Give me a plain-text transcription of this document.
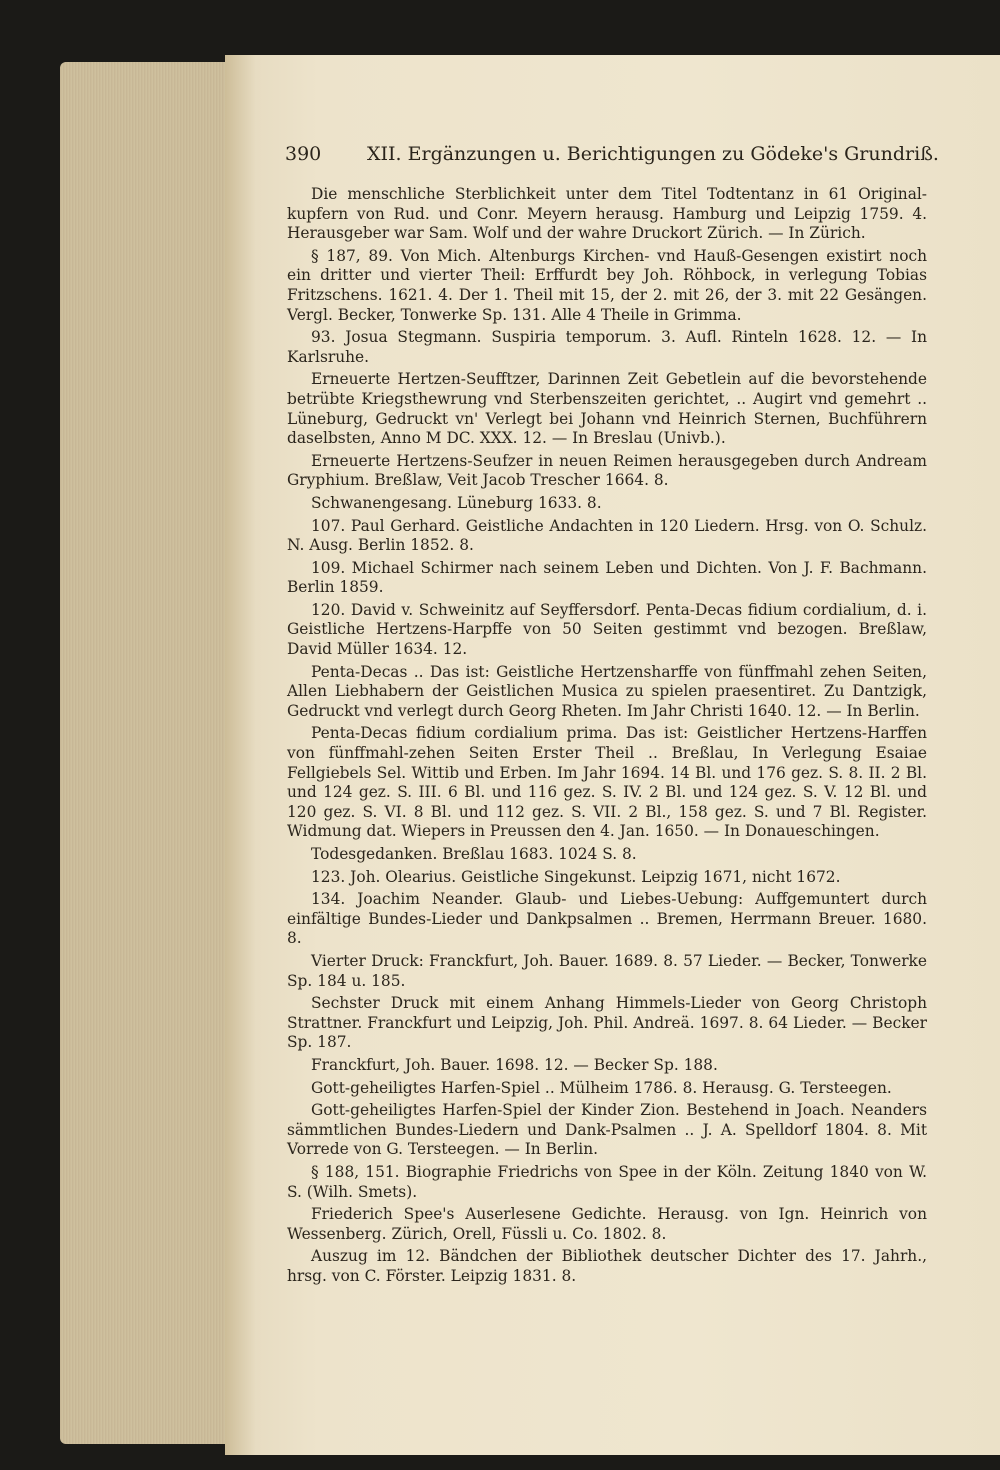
390 XII. Ergänzungen u. Berichtigungen zu Gödeke's Grundriß.

Die menschliche Sterblichkeit unter dem Titel Todtentanz in 61 Original-kupfern von Rud. und Conr. Meyern herausg. Hamburg und Leipzig 1759. 4. Herausgeber war Sam. Wolf und der wahre Druckort Zürich. — In Zürich.

§ 187, 89. Von Mich. Altenburgs Kirchen- vnd Hauß-Gesengen existirt noch ein dritter und vierter Theil: Erffurdt bey Joh. Röhbock, in verlegung Tobias Fritzschens. 1621. 4. Der 1. Theil mit 15, der 2. mit 26, der 3. mit 22 Gesängen. Vergl. Becker, Tonwerke Sp. 131. Alle 4 Theile in Grimma.

93. Josua Stegmann. Suspiria temporum. 3. Aufl. Rinteln 1628. 12. — In Karlsruhe.

Erneuerte Hertzen-Seufftzer, Darinnen Zeit Gebetlein auf die bevorstehende betrübte Kriegsthewrung vnd Sterbenszeiten gerichtet, .. Augirt vnd gemehrt .. Lüneburg, Gedruckt vn' Verlegt bei Johann vnd Heinrich Sternen, Buchführern daselbsten, Anno M DC. XXX. 12. — In Breslau (Univb.).

Erneuerte Hertzens-Seufzer in neuen Reimen herausgegeben durch Andream Gryphium. Breßlaw, Veit Jacob Trescher 1664. 8.

Schwanengesang. Lüneburg 1633. 8.

107. Paul Gerhard. Geistliche Andachten in 120 Liedern. Hrsg. von O. Schulz. N. Ausg. Berlin 1852. 8.

109. Michael Schirmer nach seinem Leben und Dichten. Von J. F. Bachmann. Berlin 1859.

120. David v. Schweinitz auf Seyffersdorf. Penta-Decas fidium cordialium, d. i. Geistliche Hertzens-Harpffe von 50 Seiten gestimmt vnd bezogen. Breßlaw, David Müller 1634. 12.

Penta-Decas .. Das ist: Geistliche Hertzensharffe von fünffmahl zehen Seiten, Allen Liebhabern der Geistlichen Musica zu spielen praesentiret. Zu Dantzigk, Gedruckt vnd verlegt durch Georg Rheten. Im Jahr Christi 1640. 12. — In Berlin.

Penta-Decas fidium cordialium prima. Das ist: Geistlicher Hertzens-Harffen von fünffmahl-zehen Seiten Erster Theil .. Breßlau, In Verlegung Esaiae Fellgiebels Sel. Wittib und Erben. Im Jahr 1694. 14 Bl. und 176 gez. S. 8. II. 2 Bl. und 124 gez. S. III. 6 Bl. und 116 gez. S. IV. 2 Bl. und 124 gez. S. V. 12 Bl. und 120 gez. S. VI. 8 Bl. und 112 gez. S. VII. 2 Bl., 158 gez. S. und 7 Bl. Register. Widmung dat. Wiepers in Preussen den 4. Jan. 1650. — In Donaueschingen.

Todesgedanken. Breßlau 1683. 1024 S. 8.

123. Joh. Olearius. Geistliche Singekunst. Leipzig 1671, nicht 1672.

134. Joachim Neander. Glaub- und Liebes-Uebung: Auffgemuntert durch einfältige Bundes-Lieder und Dankpsalmen .. Bremen, Herrmann Breuer. 1680. 8.

Vierter Druck: Franckfurt, Joh. Bauer. 1689. 8. 57 Lieder. — Becker, Tonwerke Sp. 184 u. 185.

Sechster Druck mit einem Anhang Himmels-Lieder von Georg Christoph Strattner. Franckfurt und Leipzig, Joh. Phil. Andreä. 1697. 8. 64 Lieder. — Becker Sp. 187.

Franckfurt, Joh. Bauer. 1698. 12. — Becker Sp. 188.

Gott-geheiligtes Harfen-Spiel .. Mülheim 1786. 8. Herausg. G. Tersteegen.

Gott-geheiligtes Harfen-Spiel der Kinder Zion. Bestehend in Joach. Neanders sämmtlichen Bundes-Liedern und Dank-Psalmen .. J. A. Spelldorf 1804. 8. Mit Vorrede von G. Tersteegen. — In Berlin.

§ 188, 151. Biographie Friedrichs von Spee in der Köln. Zeitung 1840 von W. S. (Wilh. Smets).

Friederich Spee's Auserlesene Gedichte. Herausg. von Ign. Heinrich von Wessenberg. Zürich, Orell, Füssli u. Co. 1802. 8.

Auszug im 12. Bändchen der Bibliothek deutscher Dichter des 17. Jahrh., hrsg. von C. Förster. Leipzig 1831. 8.
